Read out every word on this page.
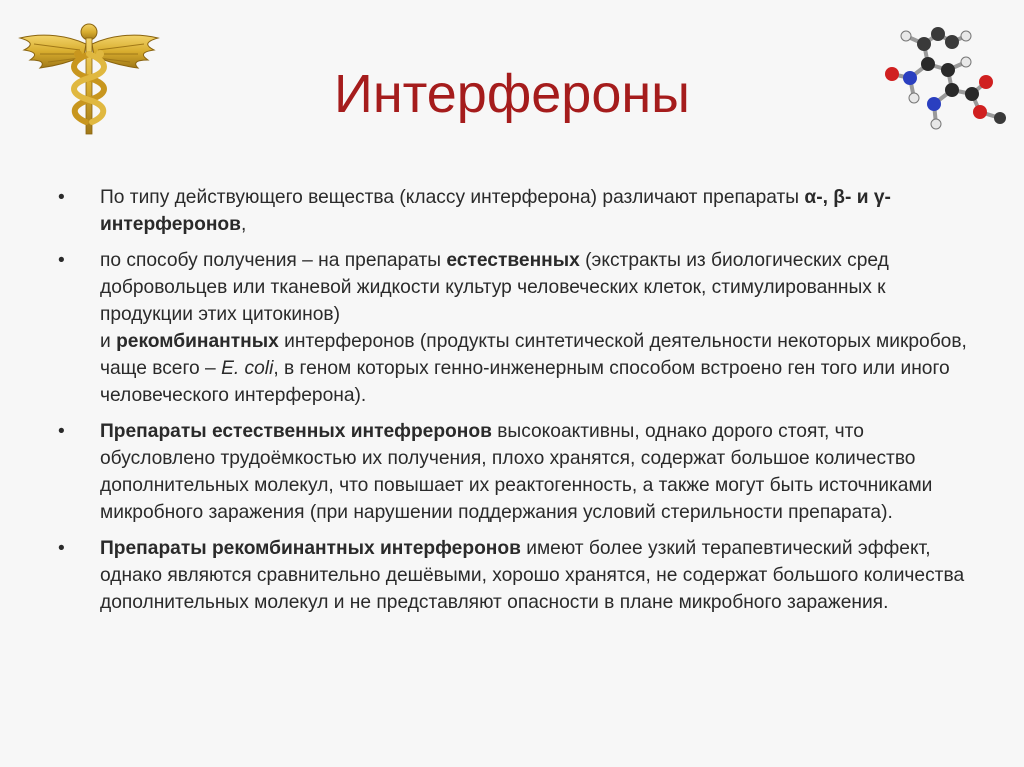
Интерфероны
•	По типу действующего вещества (классу интерферона) различают препараты α-, β- и γ-интерферонов,
•	по способу получения – на препараты естественных (экстракты из биологических сред добровольцев или тканевой жидкости культур человеческих клеток, стимулированных к продукции этих цитокинов)
и рекомбинантных интерферонов (продукты синтетической деятельности некоторых микробов, чаще всего – E. coli, в геном которых генно-инженерным способом встроено ген того или иного человеческого интерферона).
•	Препараты естественных интефреронов высокоактивны, однако дорого стоят, что обусловлено трудоёмкостью их получения, плохо хранятся, содержат большое количество дополнительных молекул, что повышает их реактогенность, а также могут быть источниками микробного заражения (при нарушении поддержания условий стерильности препарата).
•	Препараты рекомбинантных интерферонов имеют более узкий терапевтический эффект, однако являются сравнительно дешёвыми, хорошо хранятся, не содержат большого количества дополнительных молекул и не представляют опасности в плане микробного заражения.
